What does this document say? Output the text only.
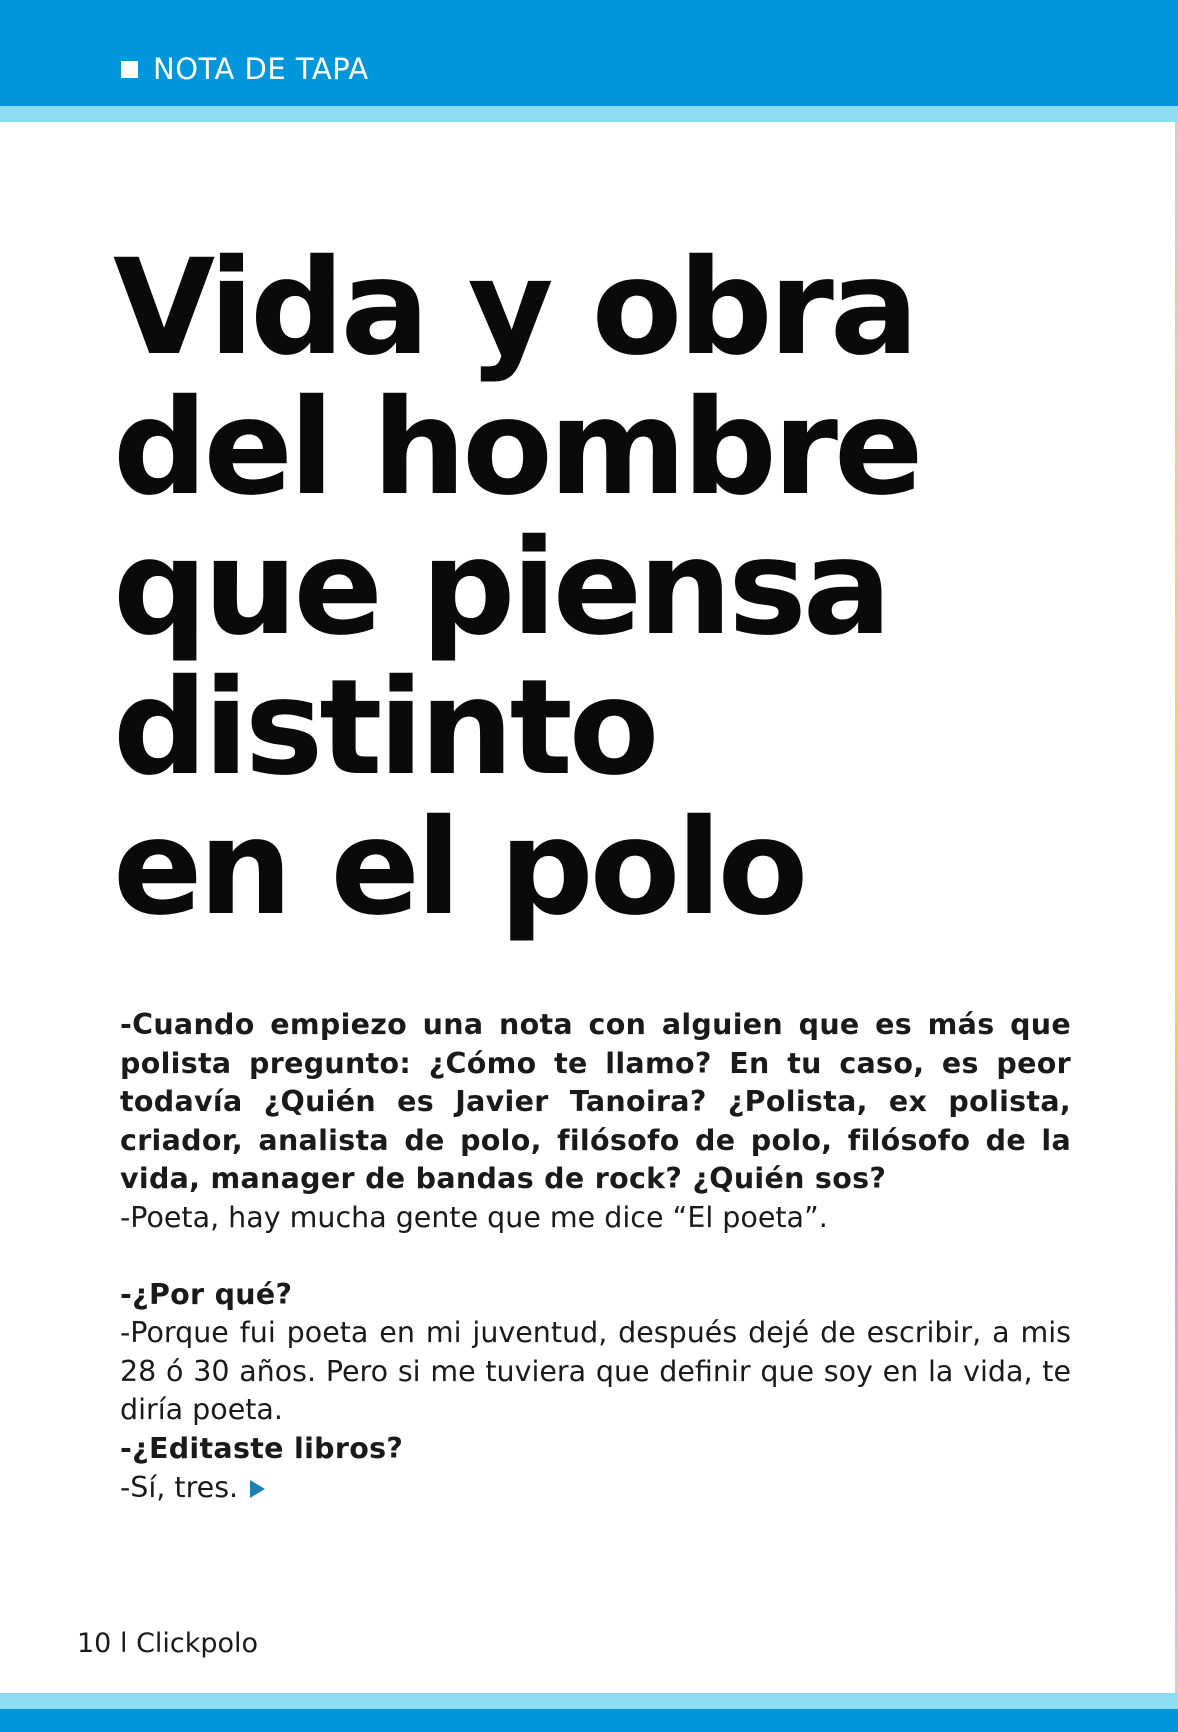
NOTA DE TAPA
Vida y obra
del hombre
que piensa
distinto
en el polo

-Cuando empiezo una nota con alguien que es más que polista pregunto: ¿Cómo te llamo? En tu caso, es peor todavía ¿Quién es Javier Tanoira? ¿Polista, ex polista, criador, analista de polo, filósofo de polo, filósofo de la vida, manager de bandas de rock? ¿Quién sos?

-Poeta, hay mucha gente que me dice “El poeta”.

-¿Por qué?

-Porque fui poeta en mi juventud, después dejé de escribir, a mis 28 ó 30 años. Pero si me tuviera que definir que soy en la vida, te diría poeta.

-¿Editaste libros?

-Sí, tres.

10 l Clickpolo
